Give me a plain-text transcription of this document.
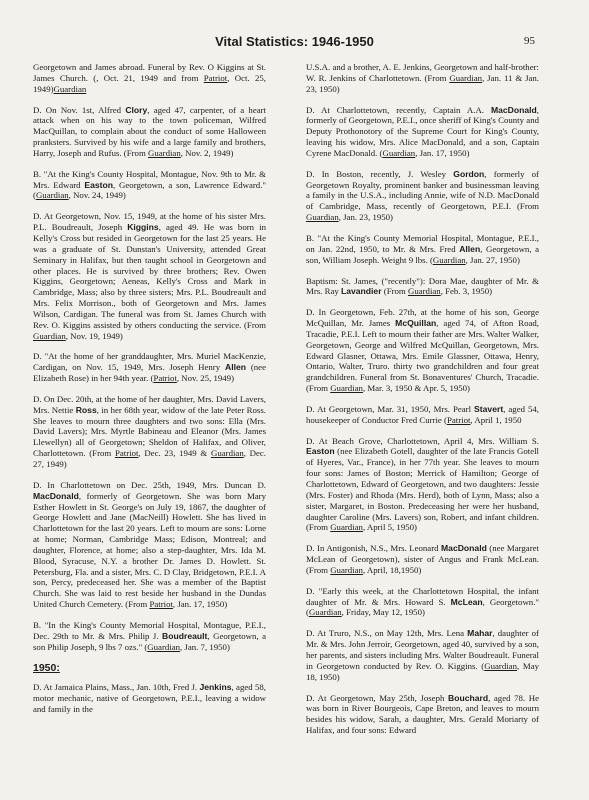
Vital Statistics: 1946-1950	95

Georgetown and James abroad. Funeral by Rev. O Kiggins at St. James Church. (, Oct. 21, 1949 and from Patriot, Oct. 25, 1949)Guardian

D. On Nov. 1st, Alfred Clory, aged 47, carpenter, of a heart attack when on his way to the town policeman, Wilfred MacQuillan, to complain about the conduct of some Halloween pranksters. Survived by his wife and a large family and brothers, Harry, Joseph and Rufus. (From Guardian, Nov. 2, 1949)

B. "At the King's County Hospital, Montague, Nov. 9th to Mr. & Mrs. Edward Easton, Georgetown, a son, Lawrence Edward." (Guardian, Nov. 24, 1949)

D. At Georgetown, Nov. 15, 1949, at the home of his sister Mrs. P.L. Boudreault, Joseph Kiggins, aged 49. He was born in Kelly's Cross but resided in Georgetown for the last 25 years. He was a graduate of St. Dunstan's University, attended Great Seminary in Halifax, but then taught school in Georgetown and other places. He is survived by three brothers; Rev. Owen Kiggins, Georgetown; Aeneas, Kelly's Cross and Mark in Cambridge, Mass; also by three sisters; Mrs. P.L. Boudreault and Mrs. Felix Morrison., both of Georgetown and Mrs. James Wilson, Cardigan. The funeral was from St. James Church with Rev. O. Kiggins assisted by others conducting the service. (From Guardian, Nov. 19, 1949)

D. "At the home of her granddaughter, Mrs. Muriel MacKenzie, Cardigan, on Nov. 15, 1949, Mrs. Joseph Henry Allen (nee Elizabeth Rose) in her 94th year. (Patriot, Nov. 25, 1949)

D. On Dec. 20th, at the home of her daughter, Mrs. David Lavers, Mrs. Nettie Ross, in her 68th year, widow of the late Peter Ross. She leaves to mourn three daughters and two sons: Ella (Mrs. David Lavers); Mrs. Myrtle Babineau and Eleanor (Mrs. James Llewellyn) all of Georgetown; Sheldon of Halifax, and Oliver, Charlottetown. (From Patriot, Dec. 23, 1949 & Guardian, Dec. 27, 1949)

D. In Charlottetown on Dec. 25th, 1949, Mrs. Duncan D. MacDonald, formerly of Georgetown. She was born Mary Esther Howlett in St. George's on July 19, 1867, the daughter of George Howlett and Jane (MacNeill) Howlett. She has lived in Charlottetown for the last 20 years. Left to mourn are sons: Lorne at home; Norman, Cambridge Mass; Edison, Montreal; and daughter, Florence, at home; also a step-daughter, Mrs. Ida M. Blood, Syracuse, N.Y. a brother Dr. James D. Howlett. St. Petersburg, Fla. and a sister, Mrs. C. D Clay, Bridgetown, P.E.I. A son, Percy, predeceased her. She was a member of the Baptist Church. She was laid to rest beside her husband in the Dundas United Church Cemetery. (From Patriot, Jan. 17, 1950)

B. "In the King's County Memorial Hospital, Montague, P.E.I., Dec. 29th to Mr. & Mrs. Philip J. Boudreault, Georgetown, a son Philip Joseph, 9 lbs 7 ozs." (Guardian, Jan. 7, 1950)

1950:

D. At Jamaica Plains, Mass., Jan. 10th, Fred J. Jenkins, aged 58, motor mechanic, native of Georgetown, P.E.I., leaving a widow and family in the

U.S.A. and a brother, A. E. Jenkins, Georgetown and half-brother: W. R. Jenkins of Charlottetown. (From Guardian, Jan. 11 & Jan. 23, 1950)

D. At Charlottetown, recently, Captain A.A. MacDonald, formerly of Georgetown, P.E.I., once sheriff of King's County and Deputy Prothonotory of the Supreme Court for King's County, leaving his widow, Mrs. Alice MacDonald, and a son, Captain Cyrene MacDonald. (Guardian, Jan. 17, 1950)

D. In Boston, recently, J. Wesley Gordon, formerly of Georgetown Royalty, prominent banker and businessman leaving a family in the U.S.A., including Annie, wife of N.D. MacDonald of Cambridge, Mass, recently of Georgetown, P.E.I. (From Guardian, Jan. 23, 1950)

B. "At the King's County Memorial Hospital, Montague, P.E.I., on Jan. 22nd, 1950, to Mr. & Mrs. Fred Allen, Georgetown, a son, William Joseph. Weight 9 lbs. (Guardian, Jan. 27, 1950)

Baptism: St. James, ("recently"): Dora Mae, daughter of Mr. & Mrs. Ray Lavandier (From Guardian, Feb. 3, 1950)

D. In Georgetown, Feb. 27th, at the home of his son, George McQuillan, Mr. James McQuillan, aged 74, of Afton Road, Tracadie, P.E.I. Left to mourn their father are Mrs. Walter Walker, Georgetown, George and Wilfred McQuillan, Georgetown, Mrs. Edward Glasner, Ottawa, Mrs. Emile Glassner, Ottawa, Henry, Ontario, Walter, Truro. thirty two grandchildren and four great grandchildren. Funeral from St. Bonaventures' Church, Tracadie. (From Guardian, Mar. 3, 1950 & Apr. 5, 1950)

D. At Georgetown, Mar. 31, 1950, Mrs. Pearl Stavert, aged 54, housekeeper of Conductor Fred Currie (Patriot, April 1, 1950

D. At Beach Grove, Charlottetown, April 4, Mrs. William S. Easton (nee Elizabeth Gotell, daughter of the late Francis Gotell of Hyeres, Var., France), in her 77th year. She leaves to mourn four sons: James of Boston; Merrick of Hamilton; George of Charlottetown, Edward of Georgetown, and two daughters: Jessie (Mrs. Foster) and Rhoda (Mrs. Herd), both of Lynn, Mass; also a sister, Margaret, in Boston. Predeceasing her were her husband, daughter Caroline (Mrs. Lavers) son, Robert, and infant children. (From Guardian, April 5, 1950)

D. In Antigonish, N.S., Mrs. Leonard MacDonald (nee Margaret McLean of Georgetown), sister of Angus and Frank McLean. (From Guardian, April, 18,1950)

D. "Early this week, at the Charlottetown Hospital, the infant daughter of Mr. & Mrs. Howard S. McLean, Georgetown." (Guardian, Friday, May 12, 1950)

D. At Truro, N.S., on May 12th, Mrs. Lena Mahar, daughter of Mr. & Mrs. John Jerroir, Georgetown, aged 40, survived by a son, her parents, and sisters including Mrs. Walter Boudreault. Funeral in Georgetown conducted by Rev. O. Kiggins. (Guardian, May 18, 1950)

D. At Georgetown, May 25th, Joseph Bouchard, aged 78. He was born in River Bourgeois, Cape Breton, and leaves to mourn besides his widow, Sarah, a daughter, Mrs. Gerald Moriarty of Halifax, and four sons: Edward
